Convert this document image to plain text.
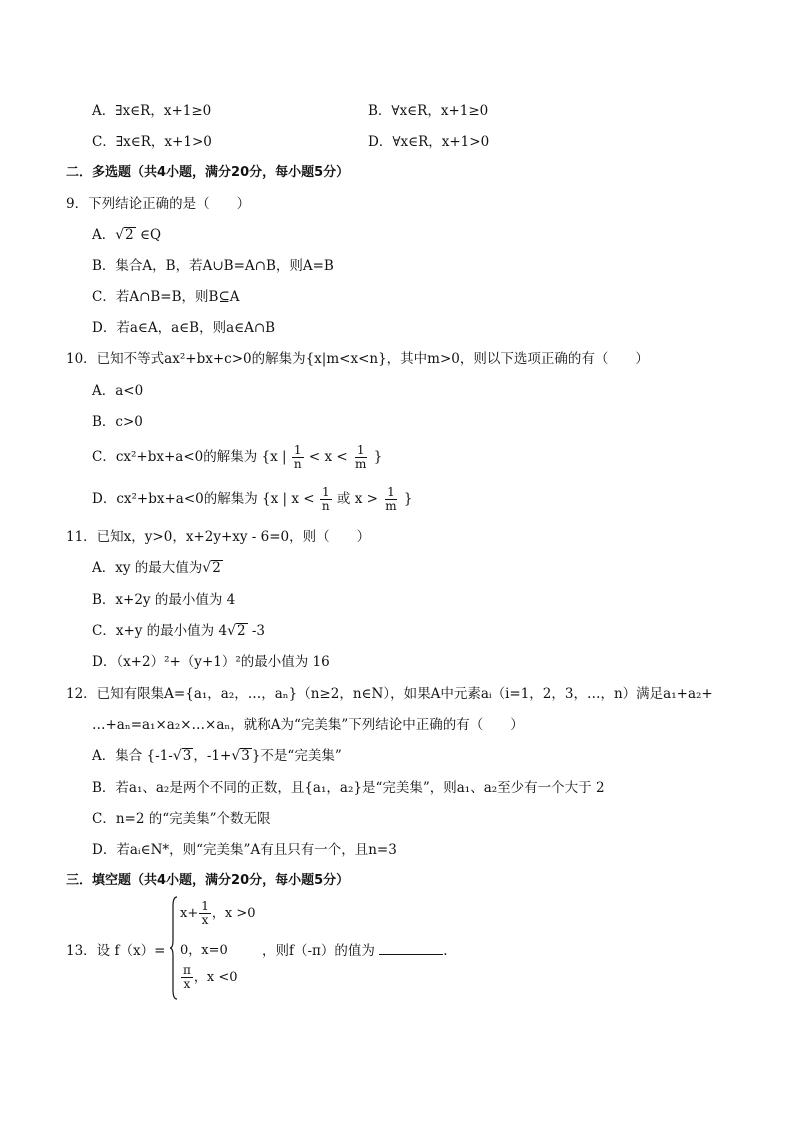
A．∃x∈R，x+1≥0	B．∀x∈R，x+1≥0
C．∃x∈R，x+1>0	D．∀x∈R，x+1>0
二．多选题（共4小题，满分20分，每小题5分）
9．下列结论正确的是（　　）
A．√2 ∈Q
B．集合A，B，若A∪B=A∩B，则A=B
C．若A∩B=B，则B⊆A
D．若a∈A，a∈B，则a∈A∩B
10．已知不等式ax²+bx+c>0的解集为{x|m<x<n}，其中m>0，则以下选项正确的有（　　）
A．a<0
B．c>0
C．cx²+bx+a<0的解集为 {x | $\frac{1}{n} < x < \frac{1}{m}$ }
D．cx²+bx+a<0的解集为 {x | $x < \frac{1}{n}$ 或 $x > \frac{1}{m}$ }
11．已知x，y>0，x+2y+xy - 6=0，则（　　）
A．xy 的最大值为√2
B．x+2y 的最小值为 4
C．x+y 的最小值为 4√2 -3
D．（x+2）²+（y+1）²的最小值为 16
12．已知有限集A={a₁，a₂，…，aₙ}（n≥2，n∈N），如果A中元素aᵢ（i=1，2，3，…，n）满足a₁+a₂+
…+aₙ=a₁×a₂×…×aₙ，就称A为“完美集”下列结论中正确的有（　　）
A．集合 {-1-√3 ，-1+√3 }不是“完美集”
B．若a₁、a₂是两个不同的正数，且{a₁，a₂}是“完美集”，则a₁、a₂至少有一个大于 2
C．n=2 的“完美集”个数无限
D．若aᵢ∈N*，则“完美集”A有且只有一个，且n=3
三．填空题（共4小题，满分20分，每小题5分）
13．设 f（x）=
$x+ \frac{1}{x}$ ，x >0
0，x=0
$\frac{\pi}{x}$ ，x <0
，则f（-π）的值为	.
